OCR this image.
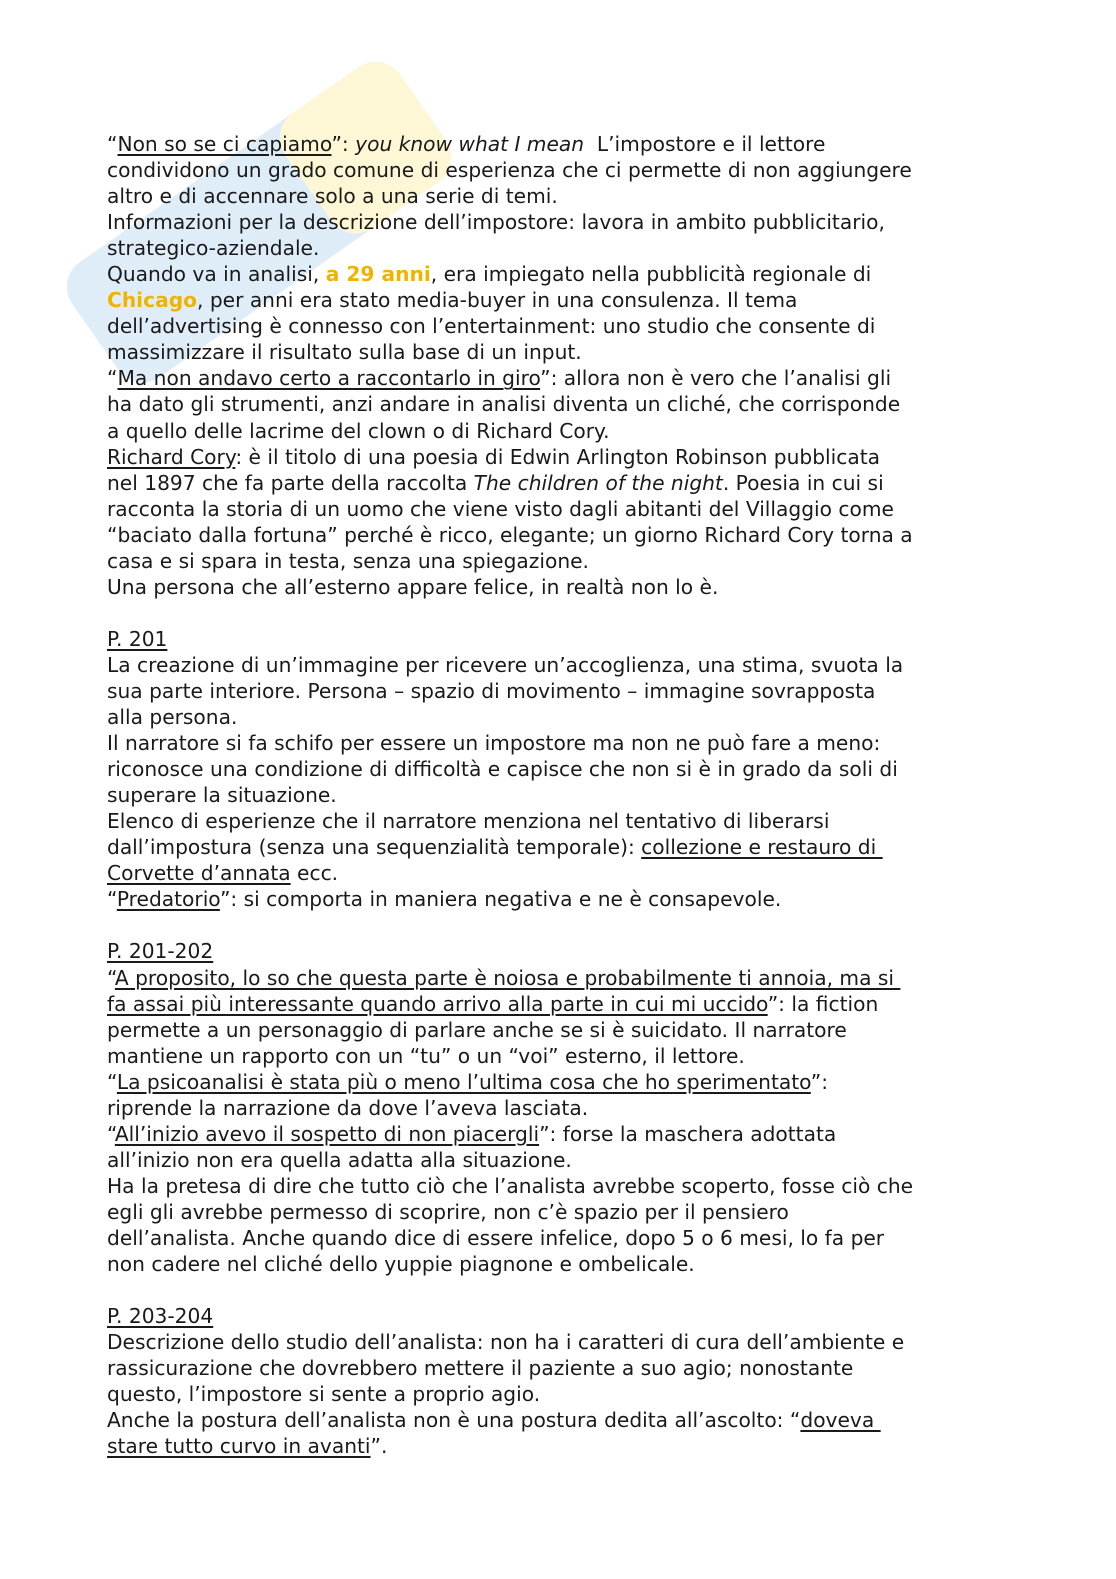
“Non so se ci capiamo”: you know what I mean  L’impostore e il lettore
condividono un grado comune di esperienza che ci permette di non aggiungere
altro e di accennare solo a una serie di temi.
Informazioni per la descrizione dell’impostore: lavora in ambito pubblicitario,
strategico-aziendale.
Quando va in analisi, a 29 anni, era impiegato nella pubblicità regionale di
Chicago, per anni era stato media-buyer in una consulenza. Il tema
dell’advertising è connesso con l’entertainment: uno studio che consente di
massimizzare il risultato sulla base di un input.
“Ma non andavo certo a raccontarlo in giro”: allora non è vero che l’analisi gli
ha dato gli strumenti, anzi andare in analisi diventa un cliché, che corrisponde
a quello delle lacrime del clown o di Richard Cory.
Richard Cory: è il titolo di una poesia di Edwin Arlington Robinson pubblicata
nel 1897 che fa parte della raccolta The children of the night. Poesia in cui si
racconta la storia di un uomo che viene visto dagli abitanti del Villaggio come
“baciato dalla fortuna” perché è ricco, elegante; un giorno Richard Cory torna a
casa e si spara in testa, senza una spiegazione.
Una persona che all’esterno appare felice, in realtà non lo è.
P. 201
La creazione di un’immagine per ricevere un’accoglienza, una stima, svuota la
sua parte interiore. Persona – spazio di movimento – immagine sovrapposta
alla persona.
Il narratore si fa schifo per essere un impostore ma non ne può fare a meno:
riconosce una condizione di difficoltà e capisce che non si è in grado da soli di
superare la situazione.
Elenco di esperienze che il narratore menziona nel tentativo di liberarsi
dall’impostura (senza una sequenzialità temporale): collezione e restauro di
Corvette d’annata ecc.
“Predatorio”: si comporta in maniera negativa e ne è consapevole.
P. 201-202
“A proposito, lo so che questa parte è noiosa e probabilmente ti annoia, ma si
fa assai più interessante quando arrivo alla parte in cui mi uccido”: la fiction
permette a un personaggio di parlare anche se si è suicidato. Il narratore
mantiene un rapporto con un “tu” o un “voi” esterno, il lettore.
“La psicoanalisi è stata più o meno l’ultima cosa che ho sperimentato”:
riprende la narrazione da dove l’aveva lasciata.
“All’inizio avevo il sospetto di non piacergli”: forse la maschera adottata
all’inizio non era quella adatta alla situazione.
Ha la pretesa di dire che tutto ciò che l’analista avrebbe scoperto, fosse ciò che
egli gli avrebbe permesso di scoprire, non c’è spazio per il pensiero
dell’analista. Anche quando dice di essere infelice, dopo 5 o 6 mesi, lo fa per
non cadere nel cliché dello yuppie piagnone e ombelicale.
P. 203-204
Descrizione dello studio dell’analista: non ha i caratteri di cura dell’ambiente e
rassicurazione che dovrebbero mettere il paziente a suo agio; nonostante
questo, l’impostore si sente a proprio agio.
Anche la postura dell’analista non è una postura dedita all’ascolto: “doveva
stare tutto curvo in avanti”.
